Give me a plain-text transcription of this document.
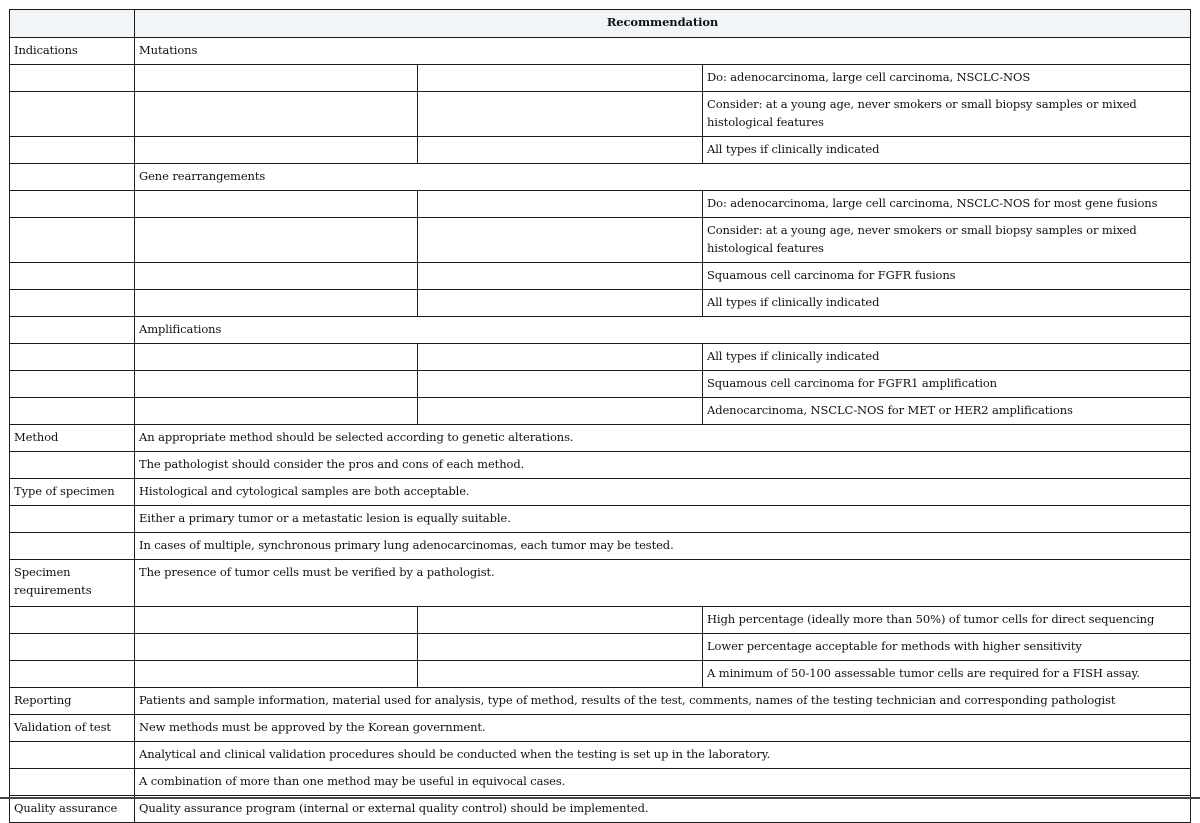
	Recommendation		
Indications	Mutations		
			Do: adenocarcinoma, large cell carcinoma, NSCLC-NOS
			Consider: at a young age, never smokers or small biopsy samples or mixed histological features
			All types if clinically indicated
	Gene rearrangements		
			Do: adenocarcinoma, large cell carcinoma, NSCLC-NOS for most gene fusions
			Consider: at a young age, never smokers or small biopsy samples or mixed histological features
			Squamous cell carcinoma for FGFR fusions
			All types if clinically indicated
	Amplifications		
			All types if clinically indicated
			Squamous cell carcinoma for FGFR1 amplification
			Adenocarcinoma, NSCLC-NOS for MET or HER2 amplifications
Method	An appropriate method should be selected according to genetic alterations.		
	The pathologist should consider the pros and cons of each method.		
Type of specimen	Histological and cytological samples are both acceptable.		
	Either a primary tumor or a metastatic lesion is equally suitable.		
	In cases of multiple, synchronous primary lung adenocarcinomas, each tumor may be tested.		
Specimen requirements	The presence of tumor cells must be verified by a pathologist.		
			High percentage (ideally more than 50%) of tumor cells for direct sequencing
			Lower percentage acceptable for methods with higher sensitivity
			A minimum of 50-100 assessable tumor cells are required for a FISH assay.
Reporting	Patients and sample information, material used for analysis, type of method, results of the test, comments, names of the testing technician and corresponding pathologist		
Validation of test	New methods must be approved by the Korean government.		
	Analytical and clinical validation procedures should be conducted when the testing is set up in the laboratory.		
	A combination of more than one method may be useful in equivocal cases.		
Quality assurance	Quality assurance program (internal or external quality control) should be implemented.		
